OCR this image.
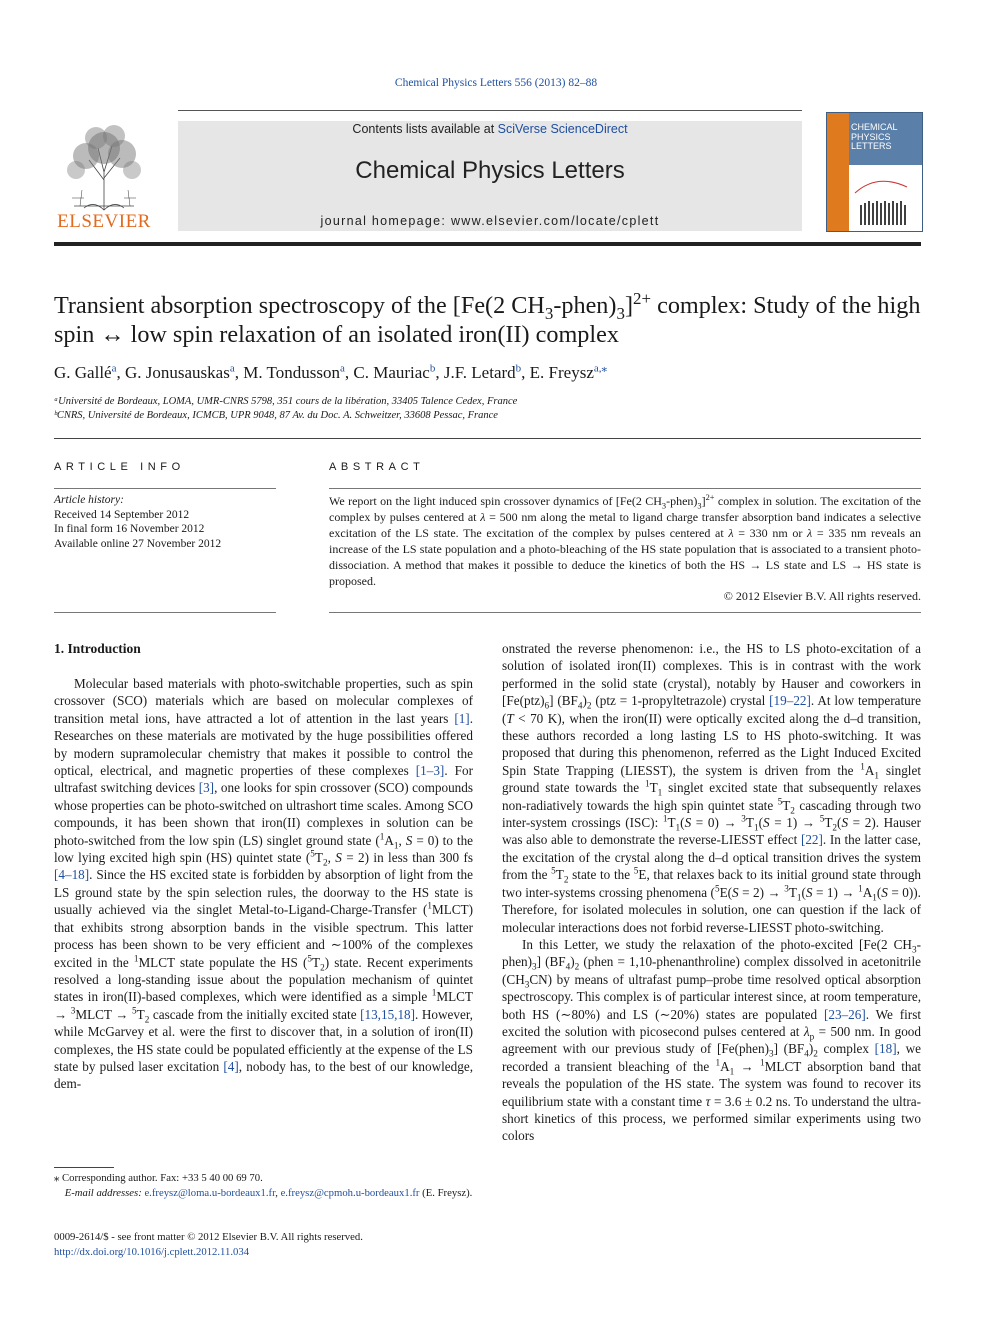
Chemical Physics Letters 556 (2013) 82–88
ELSEVIER
Contents lists available at SciVerse ScienceDirect
Chemical Physics Letters
journal homepage: www.elsevier.com/locate/cplett
CHEMICAL
PHYSICS
LETTERS
Transient absorption spectroscopy of the [Fe(2 $CH_3-phen)_3]^{2+}$ complex: Study of the high spin ↔ low spin relaxation of an isolated iron(II) complex
G. Gallé$^a$, G. Jonusauskas$^a$, M. Tondusson$^a$, C. Mauriac$^b$, J.F. Letard$^b$, E. Freysz$^{a,⁎}$
ᵃUniversité de Bordeaux, LOMA, UMR-CNRS 5798, 351 cours de la libération, 33405 Talence Cedex, France
ᵇCNRS, Université de Bordeaux, ICMCB, UPR 9048, 87 Av. du Doc. A. Schweitzer, 33608 Pessac, France
ARTICLE INFO	ABSTRACT
Article history:
Received 14 September 2012
In final form 16 November 2012
Available online 27 November 2012
We report on the light induced spin crossover dynamics of [Fe(2 $CH_3-phen)_3]^{2+}$ complex in solution. The excitation of the complex by pulses centered at λ = 500 nm along the metal to ligand charge transfer absorption band indicates a selective excitation of the LS state. The excitation of the complex by pulses centered at λ = 330 nm or λ = 335 nm reveals an increase of the LS state population and a photo-bleaching of the HS state population that is associated to a transient photo-dissociation. A method that makes it possible to deduce the kinetics of both the HS → LS state and LS → HS state is proposed.
© 2012 Elsevier B.V. All rights reserved.
1. Introduction

Molecular based materials with photo-switchable properties, such as spin crossover (SCO) materials which are based on molecular complexes of transition metal ions, have attracted a lot of attention in the last years [1]. Researches on these materials are motivated by the huge possibilities offered by modern supramolecular chemistry that makes it possible to control the optical, electrical, and magnetic properties of these complexes [1–3]. For ultrafast switching devices [3], one looks for spin crossover (SCO) compounds whose properties can be photo-switched on ultrashort time scales. Among SCO compounds, it has been shown that iron(II) complexes in solution can be photo-switched from the low spin (LS) singlet ground state ($^1A_1$, S = 0) to the low lying excited high spin (HS) quintet state ($^5T_2$, S = 2) in less than 300 fs [4–18]. Since the HS excited state is forbidden by absorption of light from the LS ground state by the spin selection rules, the doorway to the HS state is usually achieved via the singlet Metal-to-Ligand-Charge-Transfer ($^1$MLCT) that exhibits strong absorption bands in the visible spectrum. This latter process has been shown to be very efficient and ∼100% of the complexes excited in the $^1$MLCT state populate the HS $(^5T_2)$ state. Recent experiments resolved a long-standing issue about the population mechanism of quintet states in iron(II)-based complexes, which were identified as a simple $^1$MLCT → $^3$MLCT → $^5T_2$ cascade from the initially excited state [13,15,18]. However, while McGarvey et al. were the first to discover that, in a solution of iron(II) complexes, the HS state could be populated efficiently at the expense of the LS state by pulsed laser excitation [4], nobody has, to the best of our knowledge, dem-

onstrated the reverse phenomenon: i.e., the HS to LS photo-excitation of a solution of isolated iron(II) complexes. This is in contrast with the work performed in the solid state (crystal), notably by Hauser and coworkers in $[Fe(ptz)_6]$ $(BF_4)_2$ (ptz = 1-propyltetrazole) crystal [19–22]. At low temperature (T < 70 K), when the iron(II) were optically excited along the d–d transition, these authors recorded a long lasting LS to HS photo-switching. It was proposed that during this phenomenon, referred as the Light Induced Excited Spin State Trapping (LIESST), the system is driven from the $^1A_1$ singlet ground state towards the $^1T_1$ singlet excited state that subsequently relaxes non-radiatively towards the high spin quintet state $^5T_2$ cascading through two inter-system crossings (ISC): $^1T_1(S = 0) \to ^3T_1(S = 1) \to ^5T_2(S = 2)$. Hauser was also able to demonstrate the reverse-LIESST effect [22]. In the latter case, the excitation of the crystal along the d–d optical transition drives the system from the $^5T_2$ state to the $^5$E, that relaxes back to its initial ground state through two inter-systems crossing phenomena $(^5E(S = 2) \to ^3T_1(S = 1) \to ^1A_1(S = 0))$. Therefore, for isolated molecules in solution, one can question if the lack of molecular interactions does not forbid reverse-LIESST photo-switching.

In this Letter, we study the relaxation of the photo-excited [Fe(2 $CH_3-phen)_3$] $(BF_4)_2$ (phen = 1,10-phenanthroline) complex dissolved in acetonitrile $(CH_3CN)$ by means of ultrafast pump–probe time resolved optical absorption spectroscopy. This complex is of particular interest since, at room temperature, both HS (∼80%) and LS (∼20%) states are populated [23–26]. We first excited the solution with picosecond pulses centered at $\lambda_p = 500$ nm. In good agreement with our previous study of $[Fe(phen)_3]$ $(BF_4)_2$ complex [18], we recorded a transient bleaching of the $^1A_1$ → $^1$MLCT absorption band that reveals the population of the HS state. The system was found to recover its equilibrium state with a constant time τ = 3.6 ± 0.2 ns. To understand the ultra-short kinetics of this process, we performed similar experiments using two colors

⁎ Corresponding author. Fax: +33 5 40 00 69 70.
E-mail addresses: e.freysz@loma.u-bordeaux1.fr, e.freysz@cpmoh.u-bordeaux1.fr (E. Freysz).
0009-2614/$ - see front matter © 2012 Elsevier B.V. All rights reserved.
http://dx.doi.org/10.1016/j.cplett.2012.11.034
